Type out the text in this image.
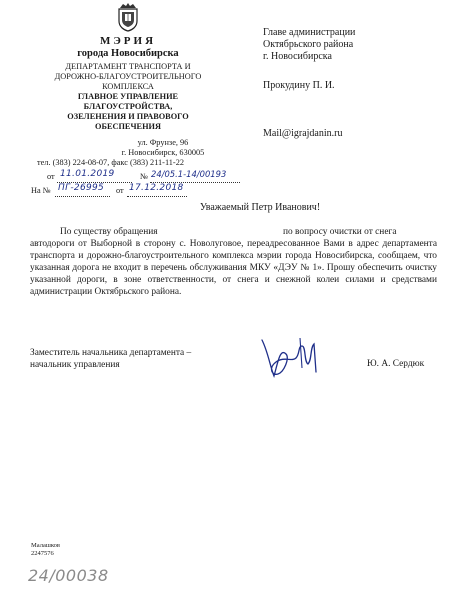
МЭРИЯ
города Новосибирска
ДЕПАРТАМЕНТ ТРАНСПОРТА И
ДОРОЖНО-БЛАГОУСТРОИТЕЛЬНОГО
КОМПЛЕКСА
ГЛАВНОЕ УПРАВЛЕНИЕ
БЛАГОУСТРОЙСТВА,
ОЗЕЛЕНЕНИЯ И ПРАВОВОГО
ОБЕСПЕЧЕНИЯ
ул. Фрунзе, 96
г. Новосибирск, 630005
тел. (383) 224-08-07, факс (383) 211-11-22
от 11.01.2019	№ 24/05.1-14/00193
На № ПГ-26995 от 17.12.2018
Главе администрации
Октябрьского района
г. Новосибирска
Прокудину П. И.
Mail@igrajdanin.ru
Уважаемый Петр Иванович!
По существу обращения	по вопросу очистки от снега
автодороги от Выборной в сторону с. Новолуговое, переадресованное Вами в адрес департамента транспорта и дорожно-благоустроительного комплекса мэрии города Новосибирска, сообщаем, что указанная дорога не входит в перечень обслуживания МКУ «ДЭУ № 1». Прошу обеспечить очистку указанной дороги, в зоне ответственности, от снега и снежной колеи силами и средствами администрации Октябрьского района.
Заместитель начальника департамента –
начальник управления	Ю. А. Сердюк
Малашков
2247576
24/00038
